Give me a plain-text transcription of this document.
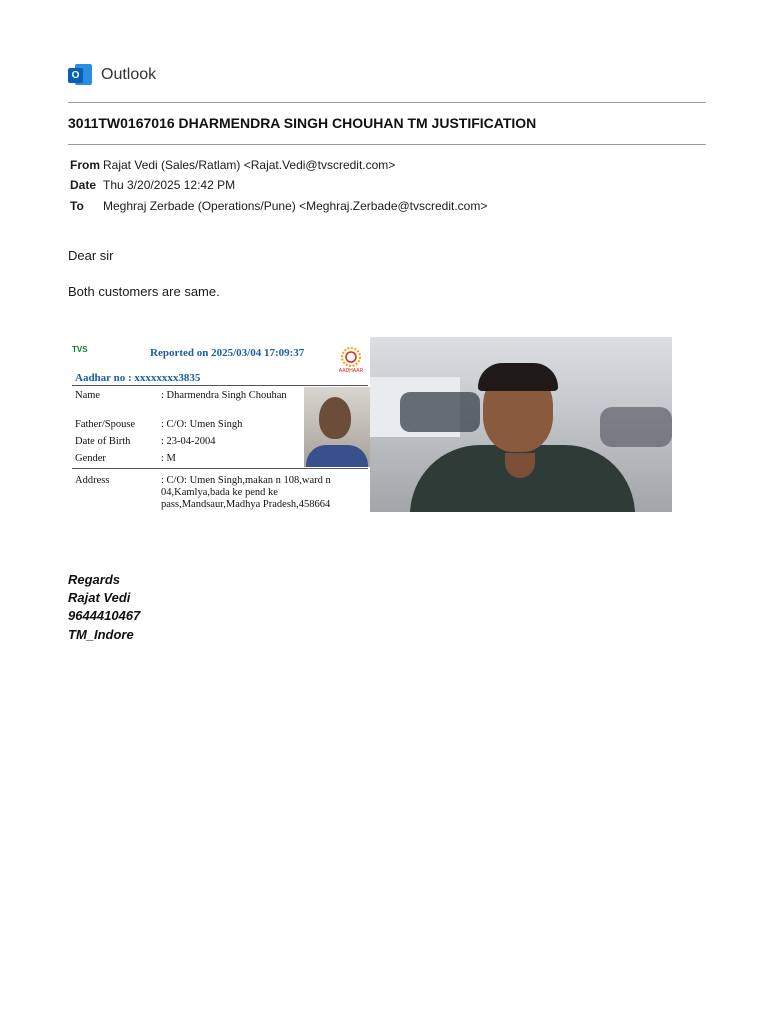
O Outlook
3011TW0167016 DHARMENDRA SINGH CHOUHAN TM JUSTIFICATION
From Rajat Vedi (Sales/Ratlam) <Rajat.Vedi@tvscredit.com>
Date Thu 3/20/2025 12:42 PM
To	Meghraj Zerbade (Operations/Pune) <Meghraj.Zerbade@tvscredit.com>
Dear sir
Both customers are same.
TVS	Reported on 2025/03/04 17:09:37
AADHAAR
Aadhar no : xxxxxxxx3835
Name	: Dharmendra Singh Chouhan
Father/Spouse : C/O: Umen Singh
Date of Birth	: 23-04-2004
Gender	: M
Address	: C/O: Umen Singh,makan n 108,ward n 04,Kamlya,bada ke pend ke pass,Mandsaur,Madhya Pradesh,458664
Regards
Rajat Vedi
9644410467
TM_Indore
